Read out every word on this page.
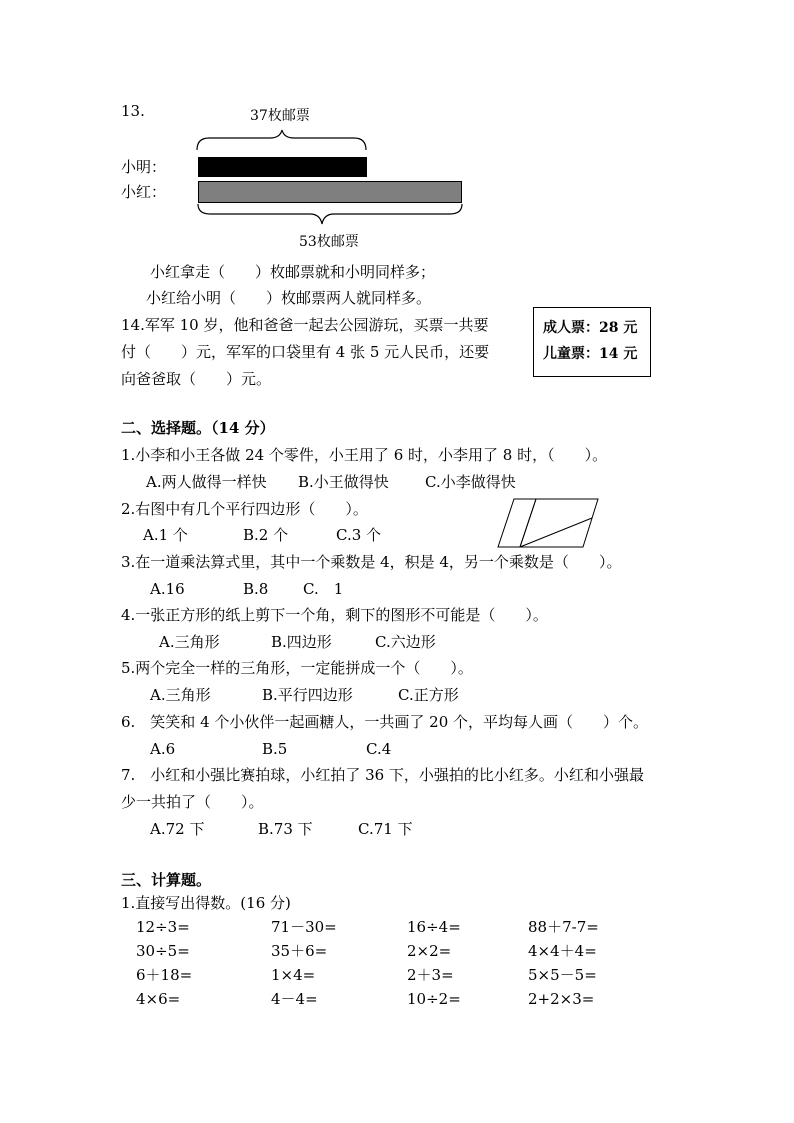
13.	37枚邮票
小明：
小红：
53枚邮票
小红拿走（　　）枚邮票就和小明同样多；
小红给小明（　　）枚邮票两人就同样多。
14.军军 10 岁，他和爸爸一起去公园游玩，买票一共要
付（　　）元，军军的口袋里有 4 张 5 元人民币，还要
向爸爸取（　　）元。
成人票：28 元
儿童票：14 元
二、选择题。（14 分）
1.小李和小王各做 24 个零件，小王用了 6 时，小李用了 8 时，（　　）。
A.两人做得一样快 B.小王做得快 C.小李做得快
2.右图中有几个平行四边形（　　）。
A.1 个	B.2 个	C.3 个
3.在一道乘法算式里，其中一个乘数是 4，积是 4，另一个乘数是（　　）。
A.16	B.8 C.　1
4.一张正方形的纸上剪下一个角，剩下的图形不可能是（　　）。
A.三角形	B.四边形	C.六边形
5.两个完全一样的三角形，一定能拼成一个（　　）。
A.三角形	B.平行四边形	C.正方形
6.　笑笑和 4 个小伙伴一起画糖人，一共画了 20 个，平均每人画（　　）个。
A.6	B.5	C.4
7.　小红和小强比赛拍球，小红拍了 36 下，小强拍的比小红多。小红和小强最
少一共拍了（　　）。
A.72 下	B.73 下	C.71 下
三、计算题。
1.直接写出得数。(16 分)
12÷3=	71－30=	16÷4=	88＋7-7=
30÷5=	35＋6=	2×2=	4×4＋4=
6＋18=	1×4=	2＋3=	5×5－5=
4×6=	4－4=	10÷2=	2+2×3=
